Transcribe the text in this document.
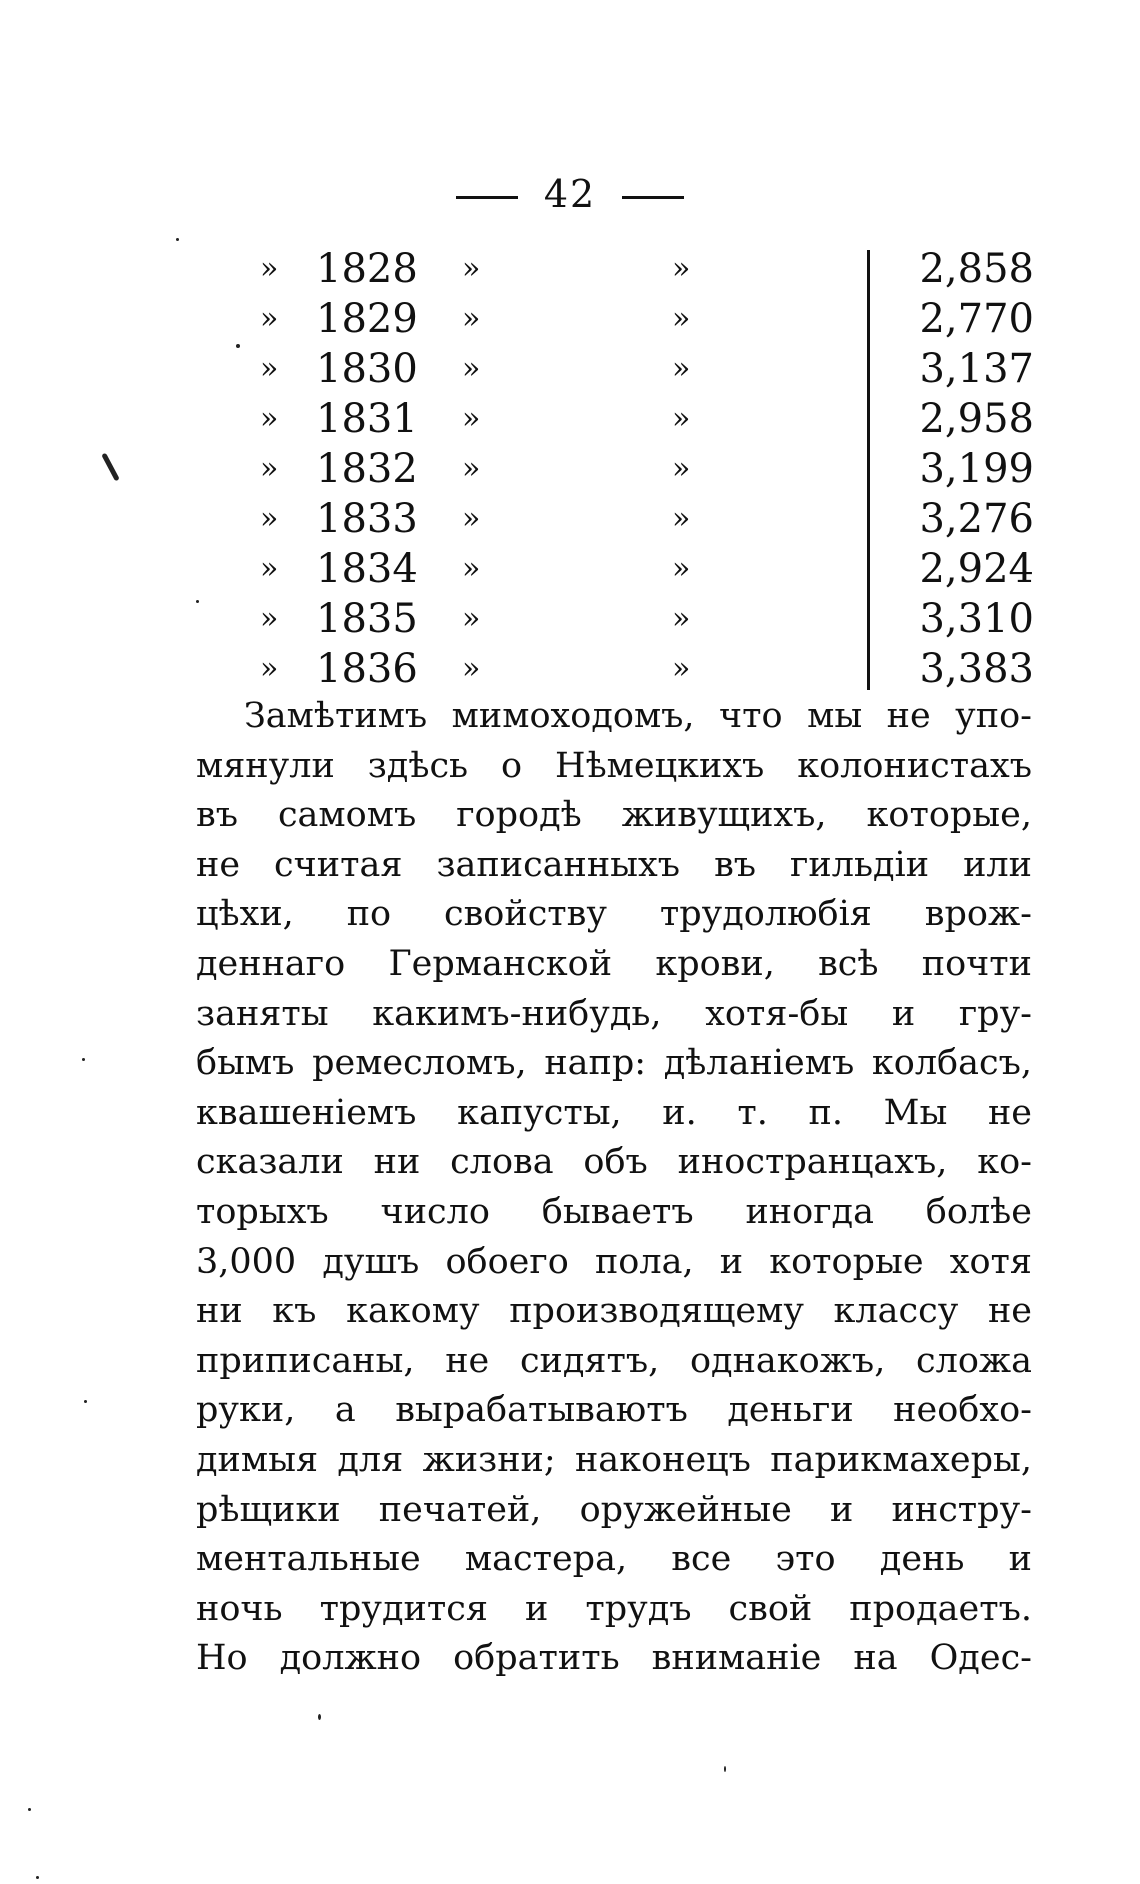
42
» 1828 »	»	2,858
» 1829 »	»	2,770
» 1830 »	»	3,137
» 1831 »	»	2,958
» 1832 »	»	3,199
» 1833 »	»	3,276
» 1834 »	»	2,924
» 1835 »	»	3,310
» 1836 »	»	3,383
Замѣтимъ мимоходомъ, что мы не упо-
мянули здѣсь о Нѣмецкихъ колонистахъ
въ самомъ городѣ живущихъ, которые,
не считая записанныхъ въ гильдіи или
цѣхи, по свойству трудолюбія врож-
деннаго Германской крови, всѣ почти
заняты какимъ-нибудь, хотя-бы и гру-
бымъ ремесломъ, напр: дѣланіемъ колбасъ,
квашеніемъ капусты, и. т. п. Мы не
сказали ни слова объ иностранцахъ, ко-
торыхъ число бываетъ иногда болѣе
3,000 душъ обоего пола, и которые хотя
ни къ какому производящему классу не
приписаны, не сидятъ, однакожъ, сложа
руки, а вырабатываютъ деньги необхо-
димыя для жизни; наконецъ парикмахеры,
рѣщики печатей, оружейные и инстру-
ментальные мастера, все это день и
ночь трудится и трудъ свой продаетъ.
Но должно обратить вниманіе на Одес-
